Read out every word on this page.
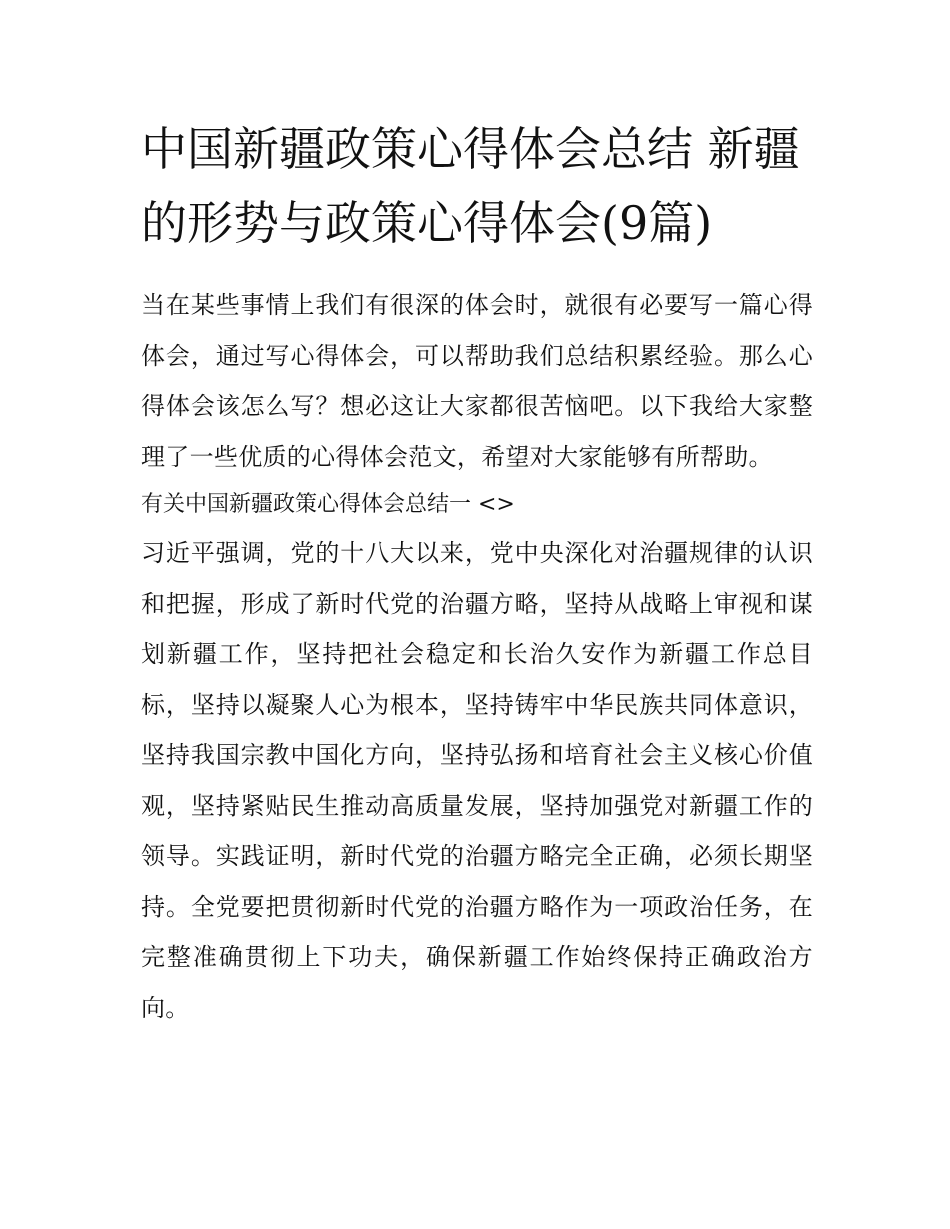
中国新疆政策心得体会总结 新疆的形势与政策心得体会(9篇)

当在某些事情上我们有很深的体会时，就很有必要写一篇心得体会，通过写心得体会，可以帮助我们总结积累经验。那么心得体会该怎么写？想必这让大家都很苦恼吧。以下我给大家整理了一些优质的心得体会范文，希望对大家能够有所帮助。

有关中国新疆政策心得体会总结一 <>

习近平强调，党的十八大以来，党中央深化对治疆规律的认识和把握，形成了新时代党的治疆方略，坚持从战略上审视和谋划新疆工作，坚持把社会稳定和长治久安作为新疆工作总目标，坚持以凝聚人心为根本，坚持铸牢中华民族共同体意识，坚持我国宗教中国化方向，坚持弘扬和培育社会主义核心价值观，坚持紧贴民生推动高质量发展，坚持加强党对新疆工作的领导。实践证明，新时代党的治疆方略完全正确，必须长期坚持。全党要把贯彻新时代党的治疆方略作为一项政治任务，在完整准确贯彻上下功夫，确保新疆工作始终保持正确政治方向。
